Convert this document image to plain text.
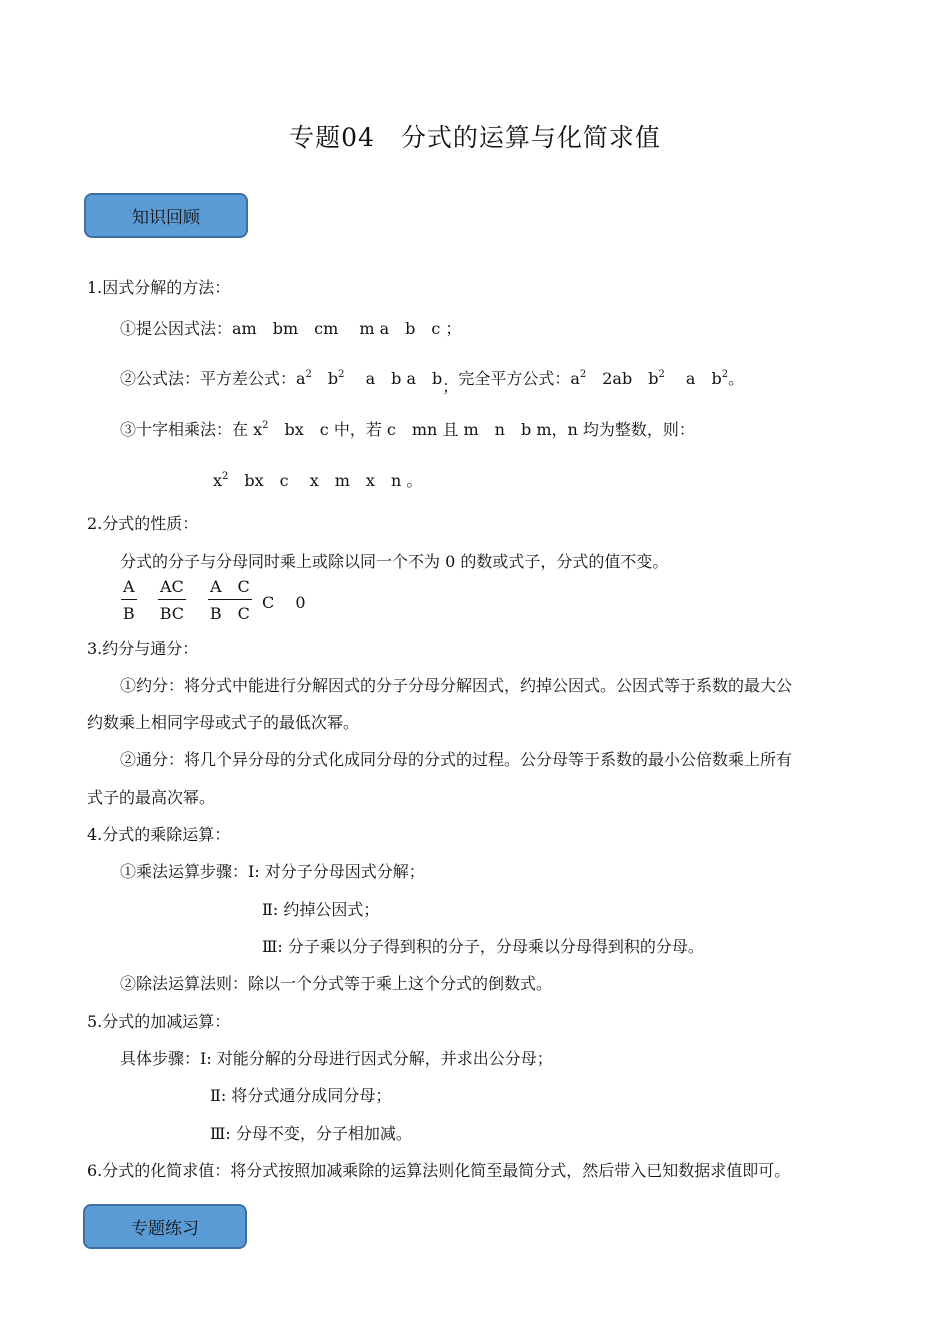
专题04　分式的运算与化简求值
知识回顾
1.因式分解的方法：
①提公因式法：am　bm　cm　 m a　b　c ；
②公式法：平方差公式：$a^2$　$b^2$　 a　b a　b；完全平方公式：$a^2$　2ab　$b^2$　 a　$b^2$。
③十字相乘法：在 $x^2$　bx　c 中，若 c　mn 且 m　n　b m，n 均为整数，则：
$x^2$　bx　c　 x　m　x　n 。
2.分式的性质：
分式的分子与分母同时乘上或除以同一个不为 0 的数或式子，分式的值不变。
$\frac{A}{B} \frac{AC}{BC} \frac{\text{A　C}}{\text{B　C}}$ C　 0
3.约分与通分：
①约分：将分式中能进行分解因式的分子分母分解因式，约掉公因式。公因式等于系数的最大公
约数乘上相同字母或式子的最低次幂。
②通分：将几个异分母的分式化成同分母的分式的过程。公分母等于系数的最小公倍数乘上所有
式子的最高次幂。
4.分式的乘除运算：
①乘法运算步骤：Ⅰ: 对分子分母因式分解；
Ⅱ: 约掉公因式；
Ⅲ: 分子乘以分子得到积的分子，分母乘以分母得到积的分母。
②除法运算法则：除以一个分式等于乘上这个分式的倒数式。
5.分式的加减运算：
具体步骤：Ⅰ: 对能分解的分母进行因式分解，并求出公分母；
Ⅱ: 将分式通分成同分母；
Ⅲ: 分母不变，分子相加减。
6.分式的化简求值：将分式按照加减乘除的运算法则化简至最简分式，然后带入已知数据求值即可。
专题练习
